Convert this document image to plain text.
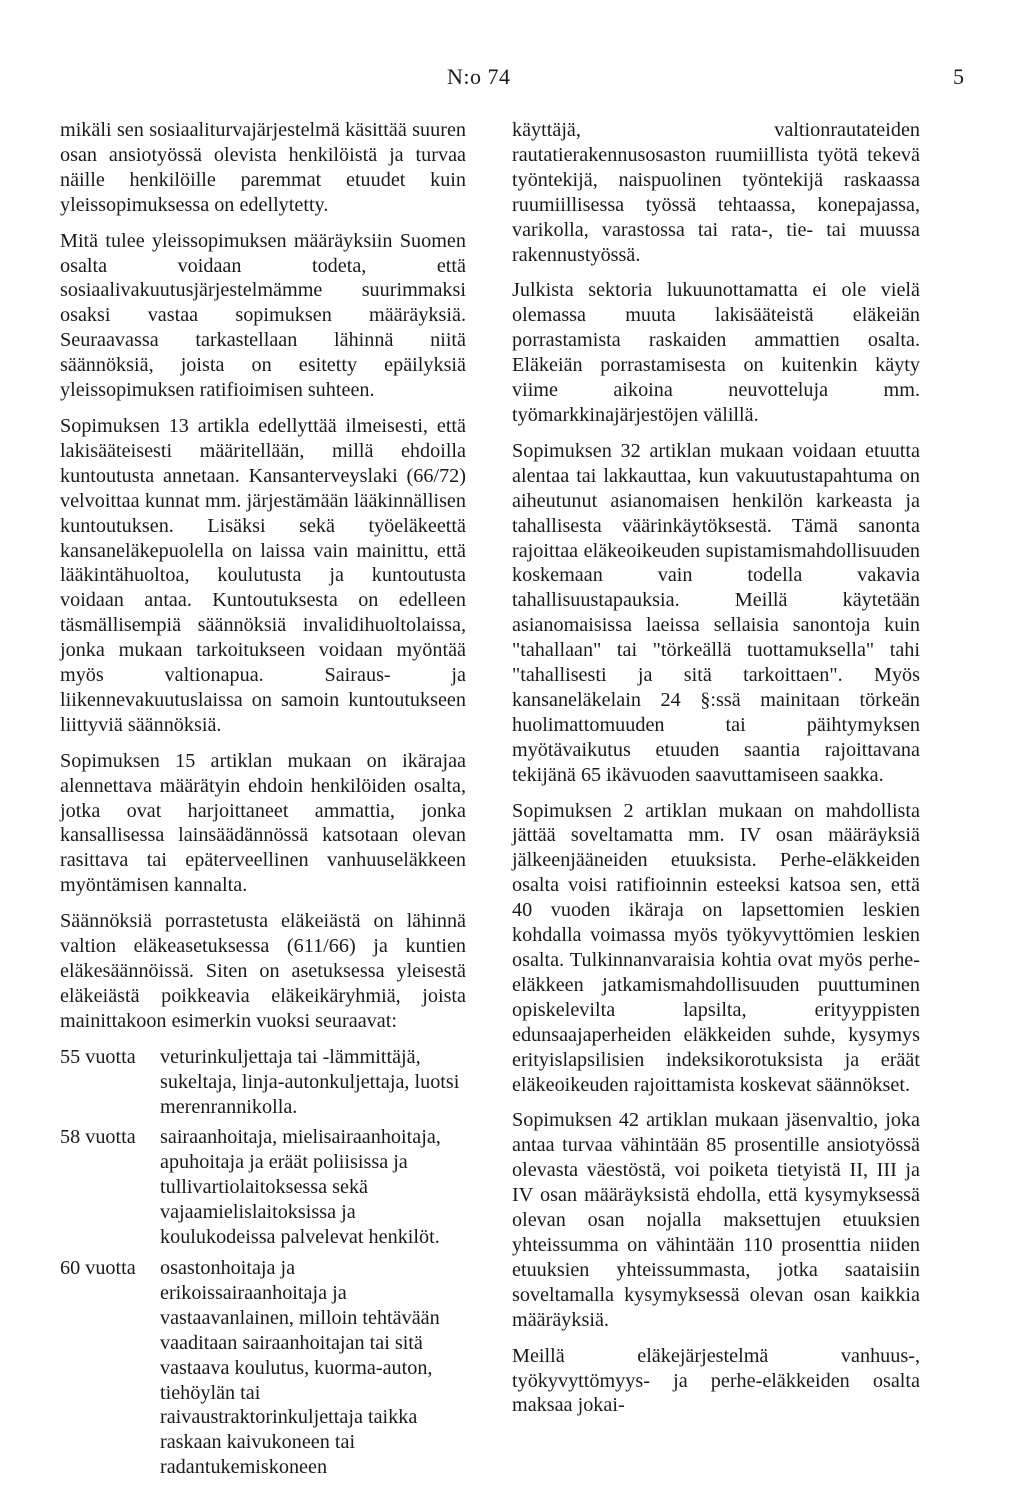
N:o 74	5

mikäli sen sosiaaliturvajärjestelmä käsittää suuren osan ansiotyössä olevista henkilöistä ja turvaa näille henkilöille paremmat etuudet kuin yleissopimuksessa on edellytetty.

Mitä tulee yleissopimuksen määräyksiin Suomen osalta voidaan todeta, että sosiaalivakuutusjärjestelmämme suurimmaksi osaksi vastaa sopimuksen määräyksiä. Seuraavassa tarkastellaan lähinnä niitä säännöksiä, joista on esitetty epäilyksiä yleissopimuksen ratifioimisen suhteen.

Sopimuksen 13 artikla edellyttää ilmeisesti, että lakisääteisesti määritellään, millä ehdoilla kuntoutusta annetaan. Kansanterveyslaki (66/72) velvoittaa kunnat mm. järjestämään lääkinnällisen kuntoutuksen. Lisäksi sekä työeläkeettä kansaneläkepuolella on laissa vain mainittu, että lääkintähuoltoa, koulutusta ja kuntoutusta voidaan antaa. Kuntoutuksesta on edelleen täsmällisempiä säännöksiä invalidihuoltolaissa, jonka mukaan tarkoitukseen voidaan myöntää myös valtionapua. Sairaus- ja liikennevakuutuslaissa on samoin kuntoutukseen liittyviä säännöksiä.

Sopimuksen 15 artiklan mukaan on ikärajaa alennettava määrätyin ehdoin henkilöiden osalta, jotka ovat harjoittaneet ammattia, jonka kansallisessa lainsäädännössä katsotaan olevan rasittava tai epäterveellinen vanhuuseläkkeen myöntämisen kannalta.

Säännöksiä porrastetusta eläkeiästä on lähinnä valtion eläkeasetuksessa (611/66) ja kuntien eläkesäännöissä. Siten on asetuksessa yleisestä eläkeiästä poikkeavia eläkeikäryhmiä, joista mainittakoon esimerkin vuoksi seuraavat:

55 vuotta	veturinkuljettaja tai -lämmittäjä, sukeltaja, linja-autonkuljettaja, luotsi merenrannikolla.
58 vuotta	sairaanhoitaja, mielisairaanhoitaja, apuhoitaja ja eräät poliisissa ja tullivartiolaitoksessa sekä vajaamielislaitoksissa ja koulukodeissa palvelevat henkilöt.
60 vuotta	osastonhoitaja ja erikoissairaanhoitaja ja vastaavanlainen, milloin tehtävään vaaditaan sairaanhoitajan tai sitä vastaava koulutus, kuorma-auton, tiehöylän tai raivaustraktorinkuljettaja taikka raskaan kaivukoneen tai radantukemiskoneen

käyttäjä, valtionrautateiden rautatierakennusosaston ruumiillista työtä tekevä työntekijä, naispuolinen työntekijä raskaassa ruumiillisessa työssä tehtaassa, konepajassa, varikolla, varastossa tai rata-, tie- tai muussa rakennustyössä.

Julkista sektoria lukuunottamatta ei ole vielä olemassa muuta lakisääteistä eläkeiän porrastamista raskaiden ammattien osalta. Eläkeiän porrastamisesta on kuitenkin käyty viime aikoina neuvotteluja mm. työmarkkinajärjestöjen välillä.

Sopimuksen 32 artiklan mukaan voidaan etuutta alentaa tai lakkauttaa, kun vakuutustapahtuma on aiheutunut asianomaisen henkilön karkeasta ja tahallisesta väärinkäytöksestä. Tämä sanonta rajoittaa eläkeoikeuden supistamismahdollisuuden koskemaan vain todella vakavia tahallisuustapauksia. Meillä käytetään asianomaisissa laeissa sellaisia sanontoja kuin "tahallaan" tai "törkeällä tuottamuksella" tahi "tahallisesti ja sitä tarkoittaen". Myös kansaneläkelain 24 §:ssä mainitaan törkeän huolimattomuuden tai päihtymyksen myötävaikutus etuuden saantia rajoittavana tekijänä 65 ikävuoden saavuttamiseen saakka.

Sopimuksen 2 artiklan mukaan on mahdollista jättää soveltamatta mm. IV osan määräyksiä jälkeenjääneiden etuuksista. Perhe-eläkkeiden osalta voisi ratifioinnin esteeksi katsoa sen, että 40 vuoden ikäraja on lapsettomien leskien kohdalla voimassa myös työkyvyttömien leskien osalta. Tulkinnanvaraisia kohtia ovat myös perhe-eläkkeen jatkamismahdollisuuden puuttuminen opiskelevilta lapsilta, erityyppisten edunsaajaperheiden eläkkeiden suhde, kysymys erityislapsilisien indeksikorotuksista ja eräät eläkeoikeuden rajoittamista koskevat säännökset.

Sopimuksen 42 artiklan mukaan jäsenvaltio, joka antaa turvaa vähintään 85 prosentille ansiotyössä olevasta väestöstä, voi poiketa tietyistä II, III ja IV osan määräyksistä ehdolla, että kysymyksessä olevan osan nojalla maksettujen etuuksien yhteissumma on vähintään 110 prosenttia niiden etuuksien yhteissummasta, jotka saataisiin soveltamalla kysymyksessä olevan osan kaikkia määräyksiä.

Meillä eläkejärjestelmä vanhuus-, työkyvyttömyys- ja perhe-eläkkeiden osalta maksaa jokai-
